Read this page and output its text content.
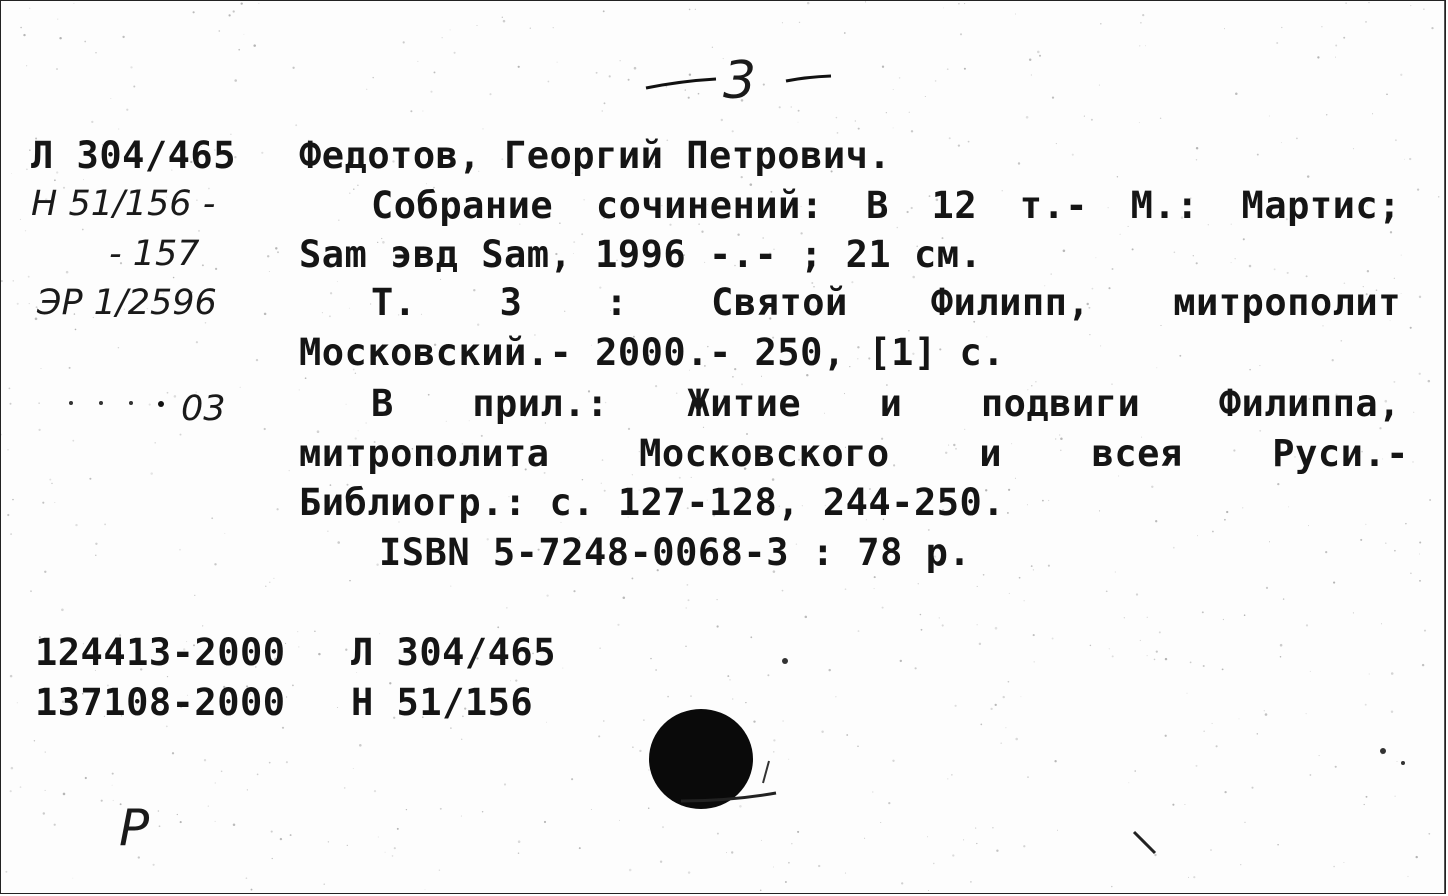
3
Л 304/465
Н 51/156 -
- 157
ЭР 1/2596
03
Федотов, Георгий Петрович.
Собрание сочинений: В 12 т.- М.: Мартис;
Sam эвд Sam, 1996 -.- ; 21 см.
Т. 3 : Святой Филипп, митрополит
Московский.- 2000.- 250, [1] с.
В прил.: Житие и подвиги Филиппа,
митрополита Московского и всея Руси.-
Библиогр.: с. 127-128, 244-250.
ISBN 5-7248-0068-3 : 78 р.
124413-2000 Л 304/465
137108-2000 Н 51/156
Р
